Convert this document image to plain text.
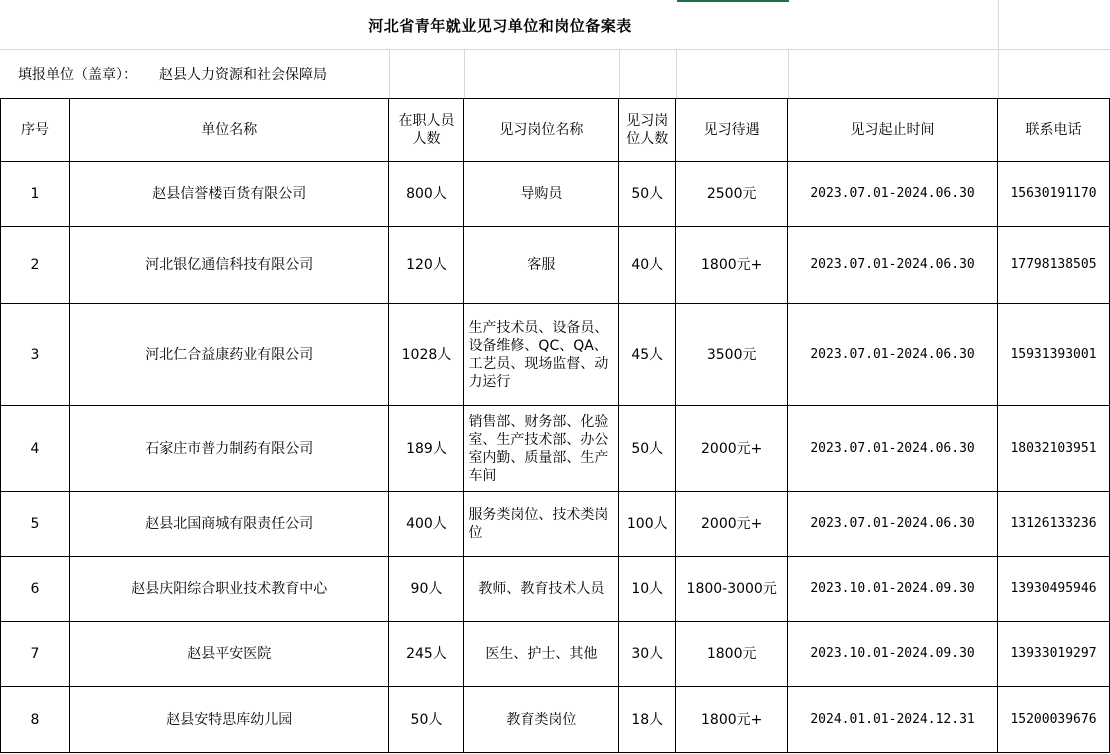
河北省青年就业见习单位和岗位备案表
填报单位（盖章）： 赵县人力资源和社会保障局
序号	单位名称	在职人员人数	见习岗位名称	见习岗位人数	见习待遇	见习起止时间	联系电话
1	赵县信誉楼百货有限公司	800人	导购员	50人	2500元	2023.07.01-2024.06.30	15630191170
2	河北银亿通信科技有限公司	120人	客服	40人	1800元+	2023.07.01-2024.06.30	17798138505
3	河北仁合益康药业有限公司	1028人	生产技术员、设备员、设备维修、QC、QA、工艺员、现场监督、动力运行	45人	3500元	2023.07.01-2024.06.30	15931393001
4	石家庄市普力制药有限公司	189人	销售部、财务部、化验室、生产技术部、办公室内勤、质量部、生产车间	50人	2000元+	2023.07.01-2024.06.30	18032103951
5	赵县北国商城有限责任公司	400人	服务类岗位、技术类岗位	100人	2000元+	2023.07.01-2024.06.30	13126133236
6	赵县庆阳综合职业技术教育中心	90人	教师、教育技术人员	10人	1800-3000元	2023.10.01-2024.09.30	13930495946
7	赵县平安医院	245人	医生、护士、其他	30人	1800元	2023.10.01-2024.09.30	13933019297
8	赵县安特思库幼儿园	50人	教育类岗位	18人	1800元+	2024.01.01-2024.12.31	15200039676
